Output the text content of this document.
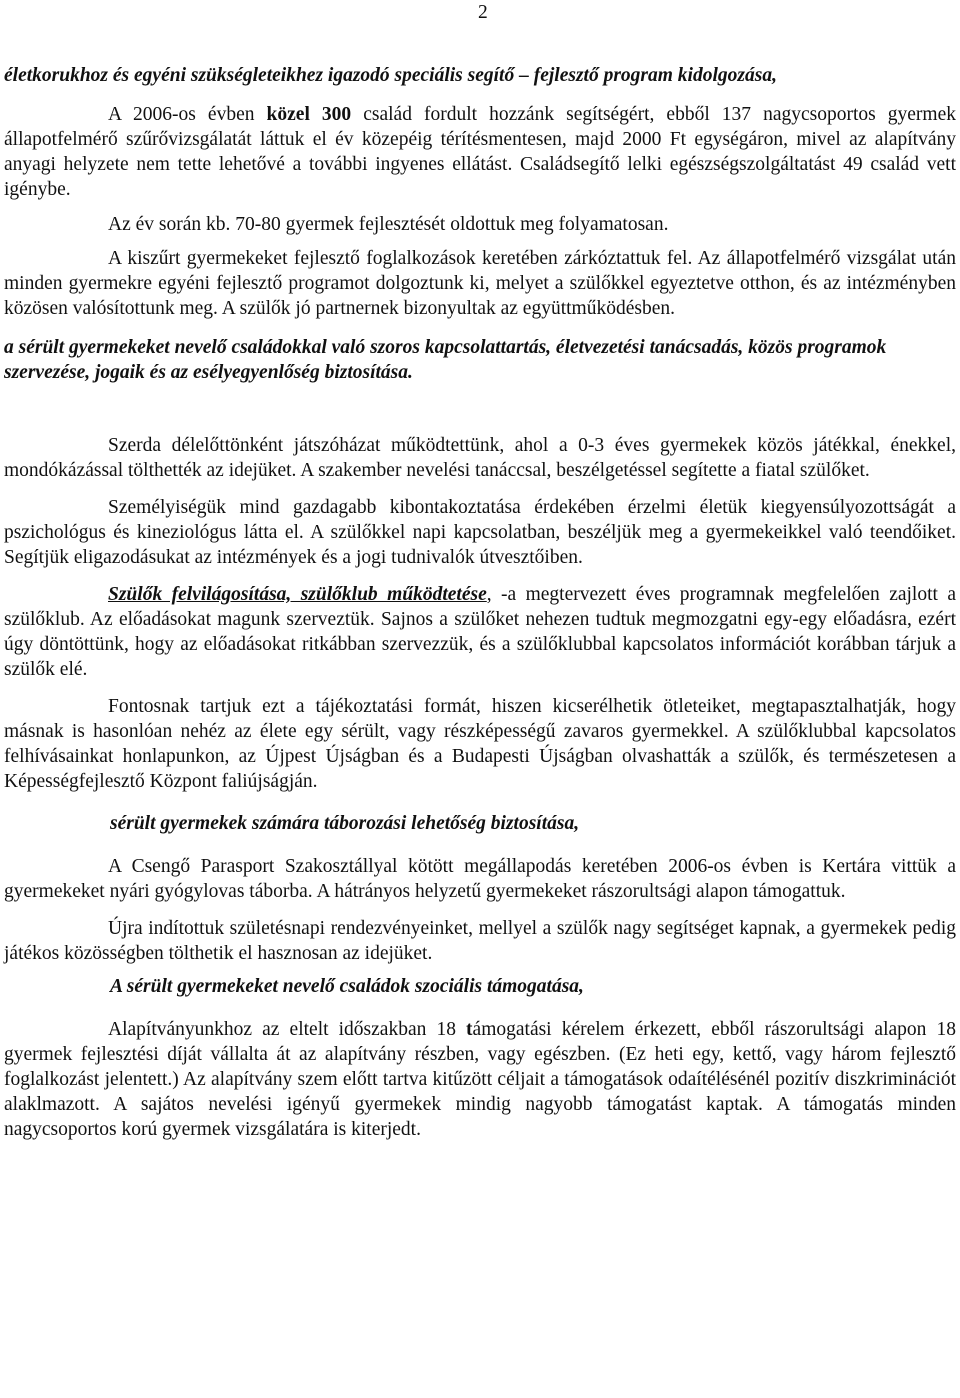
2

életkorukhoz és egyéni szükségleteikhez igazodó speciális segítő – fejlesztő program kidolgozása,

A 2006-os évben közel 300 család fordult hozzánk segítségért, ebből 137 nagycsoportos gyermek állapotfelmérő szűrővizsgálatát láttuk el év közepéig térítésmentesen, majd 2000 Ft egységáron, mivel az alapítvány anyagi helyzete nem tette lehetővé a további ingyenes ellátást. Családsegítő lelki egészségszolgáltatást 49 család vett igénybe.

Az év során kb. 70-80 gyermek fejlesztését oldottuk meg folyamatosan.

A kiszűrt gyermekeket fejlesztő foglalkozások keretében zárkóztattuk fel. Az állapotfelmérő vizsgálat után minden gyermekre egyéni fejlesztő programot dolgoztunk ki, melyet a szülőkkel egyeztetve otthon, és az intézményben közösen valósítottunk meg. A szülők jó partnernek bizonyultak az együttműködésben.

a sérült gyermekeket nevelő családokkal való szoros kapcsolattartás, életvezetési tanácsadás, közös programok szervezése, jogaik és az esélyegyenlőség biztosítása.

Szerda délelőttönként játszóházat működtettünk, ahol a 0-3 éves gyermekek közös játékkal, énekkel, mondókázással tölthették az idejüket. A szakember nevelési tanáccsal, beszélgetéssel segítette a fiatal szülőket.

Személyiségük mind gazdagabb kibontakoztatása érdekében érzelmi életük kiegyensúlyozottságát a pszichológus és kineziológus látta el. A szülőkkel napi kapcsolatban, beszéljük meg a gyermekeikkel való teendőiket. Segítjük eligazodásukat az intézmények és a jogi tudnivalók útvesztőiben.

Szülők felvilágosítása, szülőklub működtetése, -a megtervezett éves programnak megfelelően zajlott a szülőklub. Az előadásokat magunk szerveztük. Sajnos a szülőket nehezen tudtuk megmozgatni egy-egy előadásra, ezért úgy döntöttünk, hogy az előadásokat ritkábban szervezzük, és a szülőklubbal kapcsolatos információt korábban tárjuk a szülők elé.

Fontosnak tartjuk ezt a tájékoztatási formát, hiszen kicserélhetik ötleteiket, megtapasztalhatják, hogy másnak is hasonlóan nehéz az élete egy sérült, vagy részképességű zavaros gyermekkel. A szülőklubbal kapcsolatos felhívásainkat honlapunkon, az Újpest Újságban és a Budapesti Újságban olvashatták a szülők, és természetesen a Képességfejlesztő Központ faliújságján.

sérült gyermekek számára táborozási lehetőség biztosítása,

A Csengő Parasport Szakosztállyal kötött megállapodás keretében 2006-os évben is Kertára vittük a gyermekeket nyári gyógylovas táborba. A hátrányos helyzetű gyermekeket rászorultsági alapon támogattuk.

Újra indítottuk születésnapi rendezvényeinket, mellyel a szülők nagy segítséget kapnak, a gyermekek pedig játékos közösségben tölthetik el hasznosan az idejüket.

A sérült gyermekeket nevelő családok szociális támogatása,

Alapítványunkhoz az eltelt időszakban 18 támogatási kérelem érkezett, ebből rászorultsági alapon 18 gyermek fejlesztési díját vállalta át az alapítvány részben, vagy egészben. (Ez heti egy, kettő, vagy három fejlesztő foglalkozást jelentett.) Az alapítvány szem előtt tartva kitűzött céljait a támogatások odaítélésénél pozitív diszkriminációt alaklmazott. A sajátos nevelési igényű gyermekek mindig nagyobb támogatást kaptak. A támogatás minden nagycsoportos korú gyermek vizsgálatára is kiterjedt.
